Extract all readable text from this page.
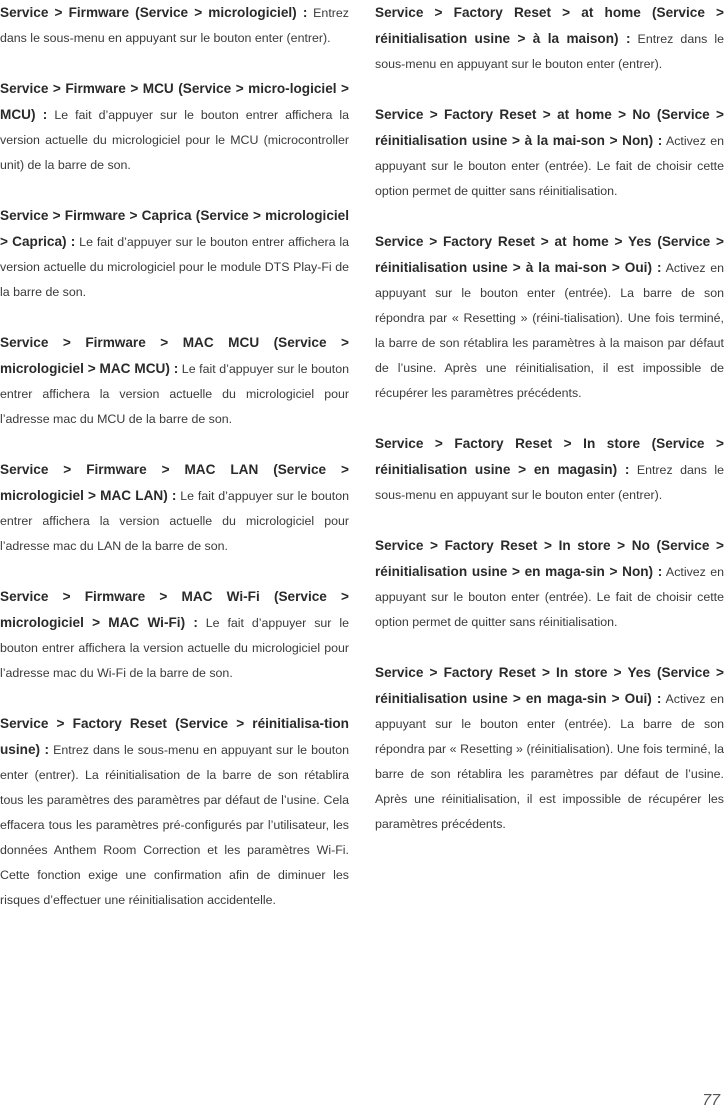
Service > Firmware (Service > micrologiciel) : Entrez dans le sous-menu en appuyant sur le bouton enter (entrer).

Service > Firmware > MCU (Service > micro-logiciel > MCU) : Le fait d’appuyer sur le bouton entrer affichera la version actuelle du micrologiciel pour le MCU (microcontroller unit) de la barre de son.

Service > Firmware > Caprica (Service > micrologiciel > Caprica) : Le fait d’appuyer sur le bouton entrer affichera la version actuelle du micrologiciel pour le module DTS Play-Fi de la barre de son.

Service > Firmware > MAC MCU (Service > micrologiciel > MAC MCU) : Le fait d’appuyer sur le bouton entrer affichera la version actuelle du micrologiciel pour l’adresse mac du MCU de la barre de son.

Service > Firmware > MAC LAN (Service > micrologiciel > MAC LAN) : Le fait d’appuyer sur le bouton entrer affichera la version actuelle du micrologiciel pour l’adresse mac du LAN de la barre de son.

Service > Firmware > MAC Wi-Fi (Service > micrologiciel > MAC Wi-Fi) : Le fait d’appuyer sur le bouton entrer affichera la version actuelle du micrologiciel pour l’adresse mac du Wi-Fi de la barre de son.

Service > Factory Reset (Service > réinitialisa-tion usine) : Entrez dans le sous-menu en appuyant sur le bouton enter (entrer). La réinitialisation de la barre de son rétablira tous les paramètres des paramètres par défaut de l’usine. Cela effacera tous les paramètres pré-configurés par l’utilisateur, les données Anthem Room Correction et les paramètres Wi-Fi. Cette fonction exige une confirmation afin de diminuer les risques d’effectuer une réinitialisation accidentelle.

Service > Factory Reset > at home (Service > réinitialisation usine > à la maison) : Entrez dans le sous-menu en appuyant sur le bouton enter (entrer).

Service > Factory Reset > at home > No (Service > réinitialisation usine > à la mai-son > Non) : Activez en appuyant sur le bouton enter (entrée). Le fait de choisir cette option permet de quitter sans réinitialisation.

Service > Factory Reset > at home > Yes (Service > réinitialisation usine > à la mai-son > Oui) : Activez en appuyant sur le bouton enter (entrée). La barre de son répondra par « Resetting » (réini-tialisation). Une fois terminé, la barre de son rétablira les paramètres à la maison par défaut de l’usine. Après une réinitialisation, il est impossible de récupérer les paramètres précédents.

Service > Factory Reset > In store (Service > réinitialisation usine > en magasin) : Entrez dans le sous-menu en appuyant sur le bouton enter (entrer).

Service > Factory Reset > In store > No (Service > réinitialisation usine > en maga-sin > Non) : Activez en appuyant sur le bouton enter (entrée). Le fait de choisir cette option permet de quitter sans réinitialisation.

Service > Factory Reset > In store > Yes (Service > réinitialisation usine > en maga-sin > Oui) : Activez en appuyant sur le bouton enter (entrée). La barre de son répondra par « Resetting » (réinitialisation). Une fois terminé, la barre de son rétablira les paramètres par défaut de l’usine. Après une réinitialisation, il est impossible de récupérer les paramètres précédents.

77
